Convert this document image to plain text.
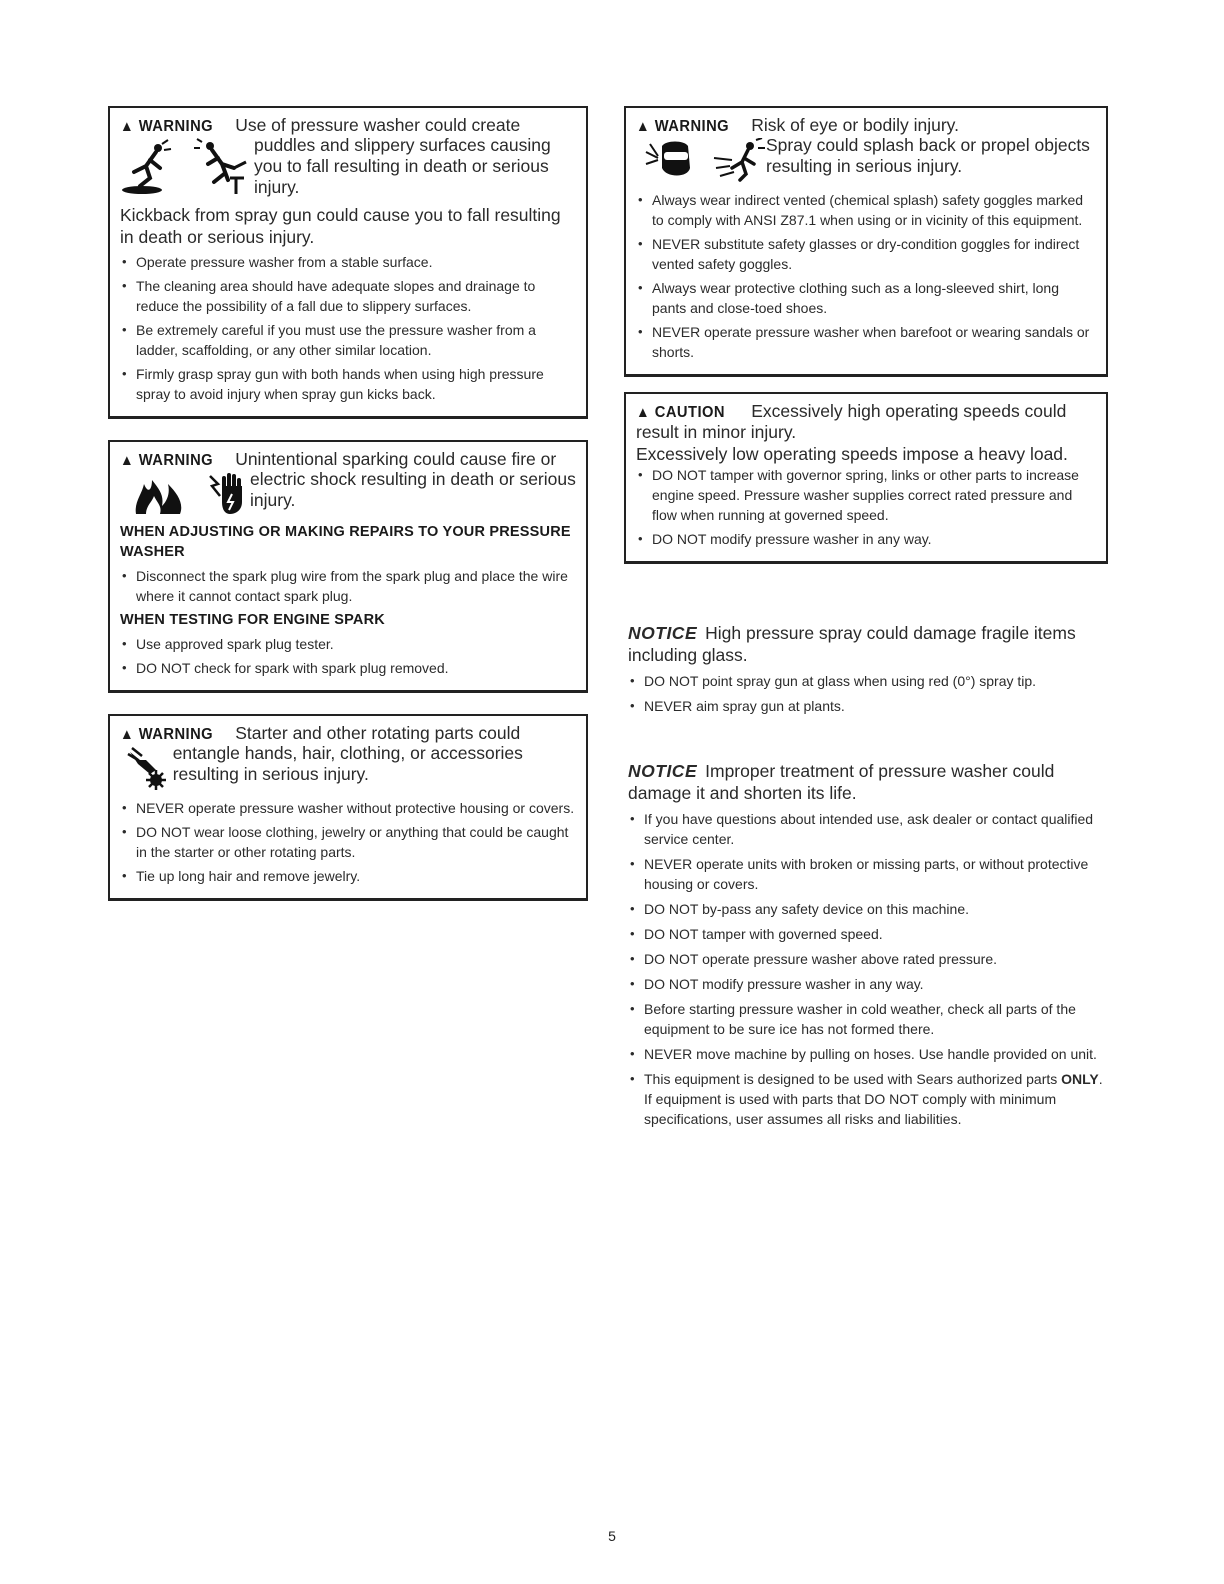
▲ WARNING Use of pressure washer could create
puddles and slippery surfaces causing you to fall resulting in death or serious injury.
Kickback from spray gun could cause you to fall resulting in death or serious injury.
• Operate pressure washer from a stable surface.
• The cleaning area should have adequate slopes and drainage to reduce the possibility of a fall due to slippery surfaces.
• Be extremely careful if you must use the pressure washer from a ladder, scaffolding, or any other similar location.
• Firmly grasp spray gun with both hands when using high pressure spray to avoid injury when spray gun kicks back.
▲ WARNING Unintentional sparking could cause fire or
electric shock resulting in death or serious injury.
WHEN ADJUSTING OR MAKING REPAIRS TO YOUR PRESSURE WASHER
• Disconnect the spark plug wire from the spark plug and place the wire where it cannot contact spark plug.
WHEN TESTING FOR ENGINE SPARK
• Use approved spark plug tester.
• DO NOT check for spark with spark plug removed.
▲ WARNING Starter and other rotating parts could
entangle hands, hair, clothing, or accessories resulting in serious injury.
• NEVER operate pressure washer without protective housing or covers.
• DO NOT wear loose clothing, jewelry or anything that could be caught in the starter or other rotating parts.
• Tie up long hair and remove jewelry.
▲ WARNING Risk of eye or bodily injury.
Spray could splash back or propel objects resulting in serious injury.
• Always wear indirect vented (chemical splash) safety goggles marked to comply with ANSI Z87.1 when using or in vicinity of this equipment.
• NEVER substitute safety glasses or dry-condition goggles for indirect vented safety goggles.
• Always wear protective clothing such as a long-sleeved shirt, long pants and close-toed shoes.
• NEVER operate pressure washer when barefoot or wearing sandals or shorts.
▲ CAUTION Excessively high operating speeds could result in minor injury.
Excessively low operating speeds impose a heavy load.
• DO NOT tamper with governor spring, links or other parts to increase engine speed. Pressure washer supplies correct rated pressure and flow when running at governed speed.
• DO NOT modify pressure washer in any way.
NOTICE High pressure spray could damage fragile items including glass.
• DO NOT point spray gun at glass when using red (0°) spray tip.
• NEVER aim spray gun at plants.
NOTICE Improper treatment of pressure washer could damage it and shorten its life.
• If you have questions about intended use, ask dealer or contact qualified service center.
• NEVER operate units with broken or missing parts, or without protective housing or covers.
• DO NOT by-pass any safety device on this machine.
• DO NOT tamper with governed speed.
• DO NOT operate pressure washer above rated pressure.
• DO NOT modify pressure washer in any way.
• Before starting pressure washer in cold weather, check all parts of the equipment to be sure ice has not formed there.
• NEVER move machine by pulling on hoses. Use handle provided on unit.
• This equipment is designed to be used with Sears authorized parts ONLY. If equipment is used with parts that DO NOT comply with minimum specifications, user assumes all risks and liabilities.
5
